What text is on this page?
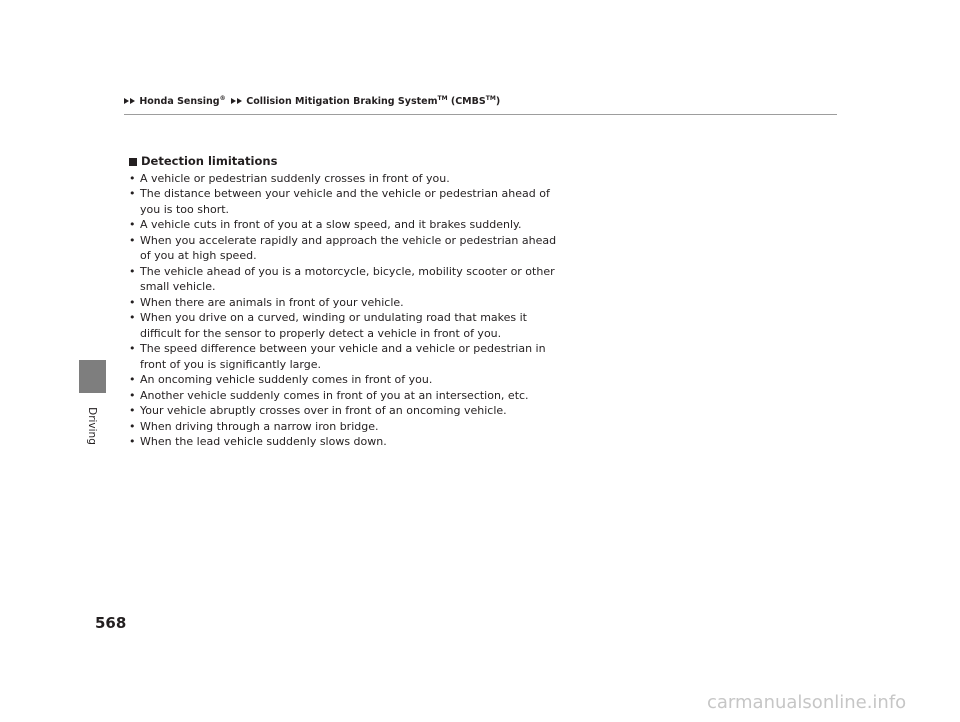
Honda Sensing® Collision Mitigation Braking System™ (CMBS™)
Driving
Detection limitations
• A vehicle or pedestrian suddenly crosses in front of you.
• The distance between your vehicle and the vehicle or pedestrian ahead of you is too short.
• A vehicle cuts in front of you at a slow speed, and it brakes suddenly.
• When you accelerate rapidly and approach the vehicle or pedestrian ahead of you at high speed.
• The vehicle ahead of you is a motorcycle, bicycle, mobility scooter or other small vehicle.
• When there are animals in front of your vehicle.
• When you drive on a curved, winding or undulating road that makes it difficult for the sensor to properly detect a vehicle in front of you.
• The speed difference between your vehicle and a vehicle or pedestrian in front of you is significantly large.
• An oncoming vehicle suddenly comes in front of you.
• Another vehicle suddenly comes in front of you at an intersection, etc.
• Your vehicle abruptly crosses over in front of an oncoming vehicle.
• When driving through a narrow iron bridge.
• When the lead vehicle suddenly slows down.
568
carmanualsonline.info
